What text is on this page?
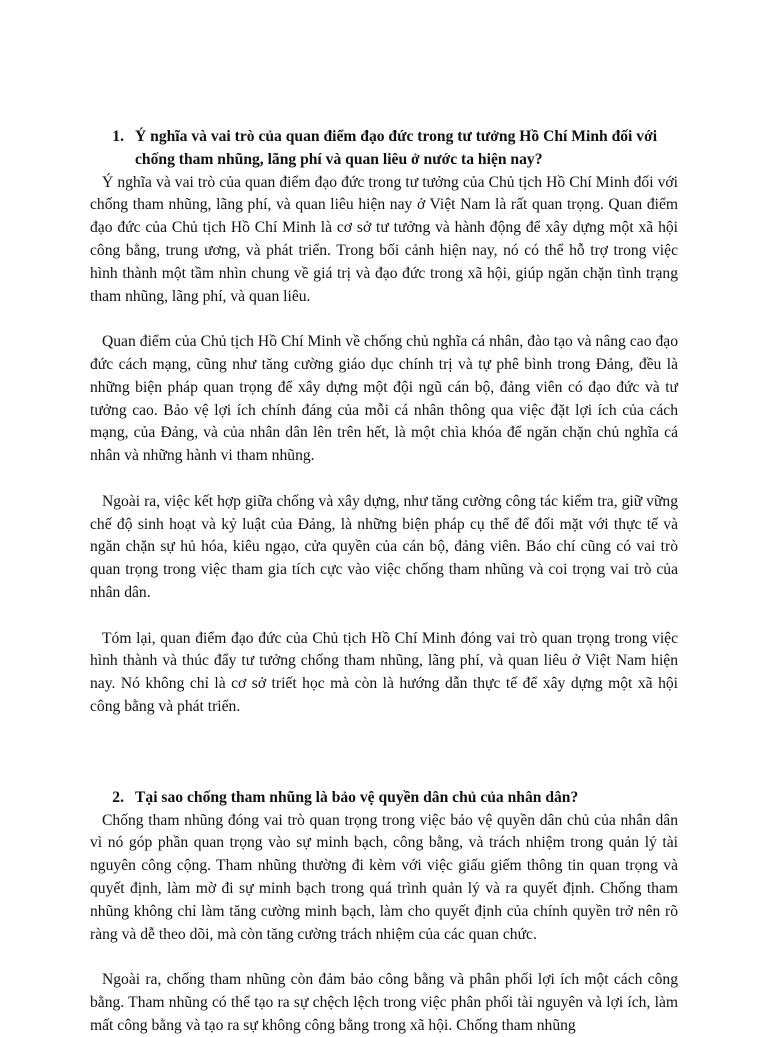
1. Ý nghĩa và vai trò của quan điểm đạo đức trong tư tưởng Hồ Chí Minh đối với chống tham nhũng, lãng phí và quan liêu ở nước ta hiện nay?

Ý nghĩa và vai trò của quan điểm đạo đức trong tư tưởng của Chủ tịch Hồ Chí Minh đối với chống tham nhũng, lãng phí, và quan liêu hiện nay ở Việt Nam là rất quan trọng. Quan điểm đạo đức của Chủ tịch Hồ Chí Minh là cơ sở tư tưởng và hành động để xây dựng một xã hội công bằng, trung ương, và phát triển. Trong bối cảnh hiện nay, nó có thể hỗ trợ trong việc hình thành một tầm nhìn chung về giá trị và đạo đức trong xã hội, giúp ngăn chặn tình trạng tham nhũng, lãng phí, và quan liêu.

Quan điểm của Chủ tịch Hồ Chí Minh về chống chủ nghĩa cá nhân, đào tạo và nâng cao đạo đức cách mạng, cũng như tăng cường giáo dục chính trị và tự phê bình trong Đảng, đều là những biện pháp quan trọng để xây dựng một đội ngũ cán bộ, đảng viên có đạo đức và tư tưởng cao. Bảo vệ lợi ích chính đáng của mỗi cá nhân thông qua việc đặt lợi ích của cách mạng, của Đảng, và của nhân dân lên trên hết, là một chìa khóa để ngăn chặn chủ nghĩa cá nhân và những hành vi tham nhũng.

Ngoài ra, việc kết hợp giữa chống và xây dựng, như tăng cường công tác kiểm tra, giữ vững chế độ sinh hoạt và kỷ luật của Đảng, là những biện pháp cụ thể để đối mặt với thực tế và ngăn chặn sự hủ hóa, kiêu ngạo, cửa quyền của cán bộ, đảng viên. Báo chí cũng có vai trò quan trọng trong việc tham gia tích cực vào việc chống tham nhũng và coi trọng vai trò của nhân dân.

Tóm lại, quan điểm đạo đức của Chủ tịch Hồ Chí Minh đóng vai trò quan trọng trong việc hình thành và thúc đẩy tư tưởng chống tham nhũng, lãng phí, và quan liêu ở Việt Nam hiện nay. Nó không chỉ là cơ sở triết học mà còn là hướng dẫn thực tế để xây dựng một xã hội công bằng và phát triển.

2. Tại sao chống tham nhũng là bảo vệ quyền dân chủ của nhân dân?

Chống tham nhũng đóng vai trò quan trọng trong việc bảo vệ quyền dân chủ của nhân dân vì nó góp phần quan trọng vào sự minh bạch, công bằng, và trách nhiệm trong quản lý tài nguyên công cộng. Tham nhũng thường đi kèm với việc giấu giếm thông tin quan trọng và quyết định, làm mờ đi sự minh bạch trong quá trình quản lý và ra quyết định. Chống tham nhũng không chỉ làm tăng cường minh bạch, làm cho quyết định của chính quyền trở nên rõ ràng và dễ theo dõi, mà còn tăng cường trách nhiệm của các quan chức.

Ngoài ra, chống tham nhũng còn đảm bảo công bằng và phân phối lợi ích một cách công bằng. Tham nhũng có thể tạo ra sự chệch lệch trong việc phân phối tài nguyên và lợi ích, làm mất công bằng và tạo ra sự không công bằng trong xã hội. Chống tham nhũng
